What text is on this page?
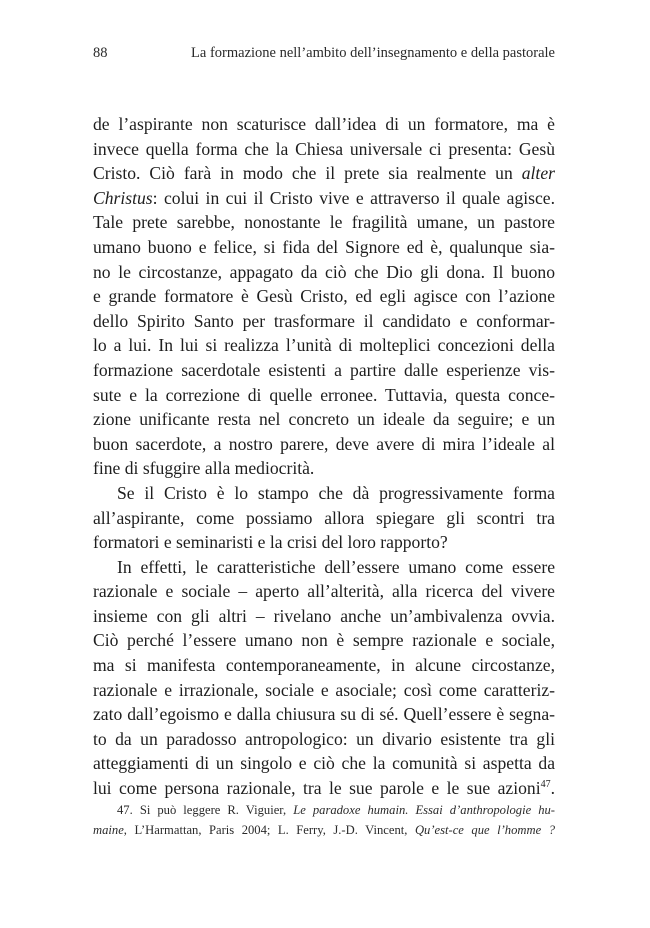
88	La formazione nell’ambito dell’insegnamento e della pastorale
de l’aspirante non scaturisce dall’idea di un formatore, ma è
invece quella forma che la Chiesa universale ci presenta: Gesù
Cristo. Ciò farà in modo che il prete sia realmente un alter
Christus: colui in cui il Cristo vive e attraverso il quale agisce.
Tale prete sarebbe, nonostante le fragilità umane, un pastore
umano buono e felice, si fida del Signore ed è, qualunque sia-
no le circostanze, appagato da ciò che Dio gli dona. Il buono
e grande formatore è Gesù Cristo, ed egli agisce con l’azione
dello Spirito Santo per trasformare il candidato e conformar-
lo a lui. In lui si realizza l’unità di molteplici concezioni della
formazione sacerdotale esistenti a partire dalle esperienze vis-
sute e la correzione di quelle erronee. Tuttavia, questa conce-
zione unificante resta nel concreto un ideale da seguire; e un
buon sacerdote, a nostro parere, deve avere di mira l’ideale al
fine di sfuggire alla mediocrità.
Se il Cristo è lo stampo che dà progressivamente forma
all’aspirante, come possiamo allora spiegare gli scontri tra
formatori e seminaristi e la crisi del loro rapporto?
In effetti, le caratteristiche dell’essere umano come essere
razionale e sociale – aperto all’alterità, alla ricerca del vivere
insieme con gli altri – rivelano anche un’ambivalenza ovvia.
Ciò perché l’essere umano non è sempre razionale e sociale,
ma si manifesta contemporaneamente, in alcune circostanze,
razionale e irrazionale, sociale e asociale; così come caratteriz-
zato dall’egoismo e dalla chiusura su di sé. Quell’essere è segna-
to da un paradosso antropologico: un divario esistente tra gli
atteggiamenti di un singolo e ciò che la comunità si aspetta da
lui come persona razionale, tra le sue parole e le sue azioni$^{47}$.
47. Si può leggere R. Viguier, Le paradoxe humain. Essai d’anthropologie hu-
maine, L’Harmattan, Paris 2004; L. Ferry, J.-D. Vincent, Qu’est-ce que l’homme ?
